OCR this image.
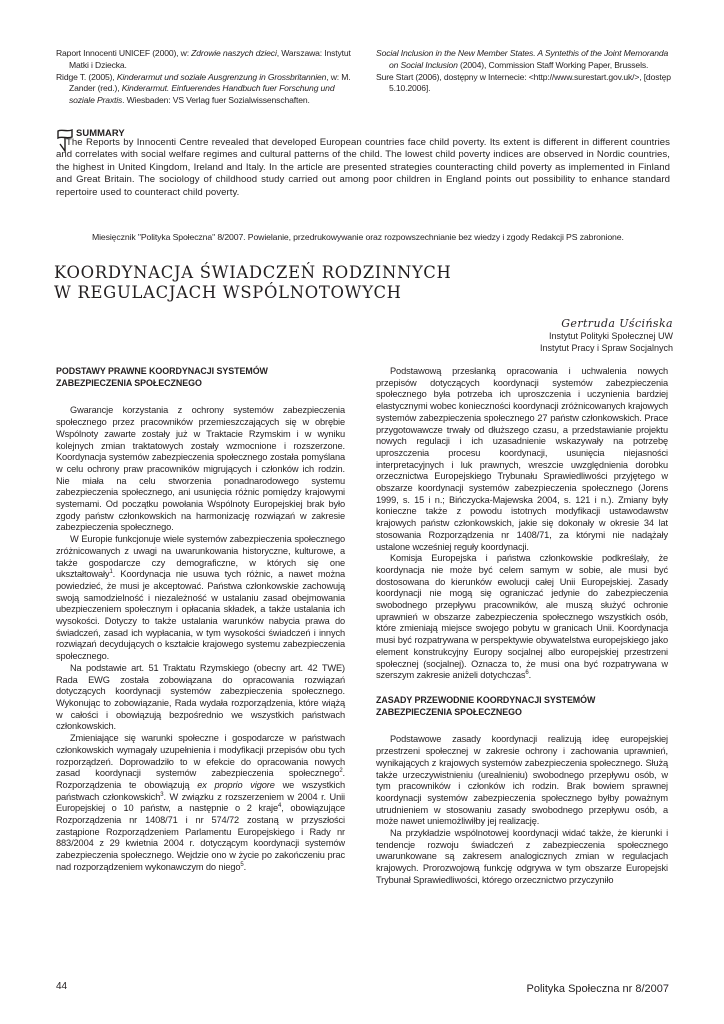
Raport Innocenti UNICEF (2000), w: Zdrowie naszych dzieci, Warszawa: Instytut Matki i Dziecka.

Ridge T. (2005), Kinderarmut und soziale Ausgrenzung in Grossbritannien, w: M. Zander (red.), Kinderarmut. Einfuerendes Handbuch fuer Forschung und soziale Praxtis. Wiesbaden: VS Verlag fuer Sozialwissenschaften.

Social Inclusion in the New Member States. A Syntethis of the Joint Memoranda on Social Inclusion (2004), Commission Staff Working Paper, Brussels.

Sure Start (2006), dostępny w Internecie: <http://www.surestart.gov.uk/>, [dostęp 5.10.2006].

SUMMARY

The Reports by Innocenti Centre revealed that developed European countries face child poverty. Its extent is different in different countries and correlates with social welfare regimes and cultural patterns of the child. The lowest child poverty indices are observed in Nordic countries, the highest in United Kingdom, Ireland and Italy. In the article are presented strategies counteracting child poverty as implemented in Finland and Great Britain. The sociology of childhood study carried out among poor children in England points out possibility to enhance standard repertoire used to counteract child poverty.

Miesięcznik "Polityka Społeczna" 8/2007. Powielanie, przedrukowywanie oraz rozpowszechnianie bez wiedzy i zgody Redakcji PS zabronione.
KOORDYNACJA ŚWIADCZEŃ RODZINNYCH
W REGULACJACH WSPÓLNOTOWYCH
Gertruda Uścińska
Instytut Polityki Społecznej UW
Instytut Pracy i Spraw Socjalnych
PODSTAWY PRAWNE KOORDYNACJI SYSTEMÓW ZABEZPIECZENIA SPOŁECZNEGO

Gwarancje korzystania z ochrony systemów zabezpieczenia społecznego przez pracowników przemieszczających się w obrębie Wspólnoty zawarte zostały już w Traktacie Rzymskim i w wyniku kolejnych zmian traktatowych zostały wzmocnione i rozszerzone. Koordynacja systemów zabezpieczenia społecznego została pomyślana w celu ochrony praw pracowników migrujących i członków ich rodzin. Nie miała na celu stworzenia ponadnarodowego systemu zabezpieczenia społecznego, ani usunięcia różnic pomiędzy krajowymi systemami. Od początku powołania Wspólnoty Europejskiej brak było zgody państw członkowskich na harmonizację rozwiązań w zakresie zabezpieczenia społecznego.

W Europie funkcjonuje wiele systemów zabezpieczenia społecznego zróżnicowanych z uwagi na uwarunkowania historyczne, kulturowe, a także gospodarcze czy demograficzne, w których się one ukształtowały$^1$. Koordynacja nie usuwa tych różnic, a nawet można powiedzieć, że musi je akceptować. Państwa członkowskie zachowują swoją samodzielność i niezależność w ustalaniu zasad obejmowania ubezpieczeniem społecznym i opłacania składek, a także ustalania ich wysokości. Dotyczy to także ustalania warunków nabycia prawa do świadczeń, zasad ich wypłacania, w tym wysokości świadczeń i innych rozwiązań decydujących o kształcie krajowego systemu zabezpieczenia społecznego.

Na podstawie art. 51 Traktatu Rzymskiego (obecny art. 42 TWE) Rada EWG została zobowiązana do opracowania rozwiązań dotyczących koordynacji systemów zabezpieczenia społecznego. Wykonując to zobowiązanie, Rada wydała rozporządzenia, które wiążą w całości i obowiązują bezpośrednio we wszystkich państwach członkowskich.

Zmieniające się warunki społeczne i gospodarcze w państwach członkowskich wymagały uzupełnienia i modyfikacji przepisów obu tych rozporządzeń. Doprowadziło to w efekcie do opracowania nowych zasad koordynacji systemów zabezpieczenia społecznego$^2$. Rozporządzenia te obowiązują ex proprio vigore we wszystkich państwach członkowskich$^3$. W związku z rozszerzeniem w 2004 r. Unii Europejskiej o 10 państw, a następnie o 2 kraje$^4$, obowiązujące Rozporządzenia nr 1408/71 i nr 574/72 zostaną w przyszłości zastąpione Rozporządzeniem Parlamentu Europejskiego i Rady nr 883/2004 z 29 kwietnia 2004 r. dotyczącym koordynacji systemów zabezpieczenia społecznego. Wejdzie ono w życie po zakończeniu prac nad rozporządzeniem wykonawczym do niego$^5$.

Podstawową przesłanką opracowania i uchwalenia nowych przepisów dotyczących koordynacji systemów zabezpieczenia społecznego była potrzeba ich uproszczenia i uczynienia bardziej elastycznymi wobec konieczności koordynacji zróżnicowanych krajowych systemów zabezpieczenia społecznego 27 państw członkowskich. Prace przygotowawcze trwały od dłuższego czasu, a przedstawianie projektu nowych regulacji i ich uzasadnienie wskazywały na potrzebę uproszczenia procesu koordynacji, usunięcia niejasności interpretacyjnych i luk prawnych, wreszcie uwzględnienia dorobku orzecznictwa Europejskiego Trybunału Sprawiedliwości przyjętego w obszarze koordynacji systemów zabezpieczenia społecznego (Jorens 1999, s. 15 i n.; Bińczycka-Majewska 2004, s. 121 i n.). Zmiany były konieczne także z powodu istotnych modyfikacji ustawodawstw krajowych państw członkowskich, jakie się dokonały w okresie 34 lat stosowania Rozporządzenia nr 1408/71, za którymi nie nadążały ustalone wcześniej reguły koordynacji.

Komisja Europejska i państwa członkowskie podkreślały, że koordynacja nie może być celem samym w sobie, ale musi być dostosowana do kierunków ewolucji całej Unii Europejskiej. Zasady koordynacji nie mogą się ograniczać jedynie do zabezpieczenia swobodnego przepływu pracowników, ale muszą służyć ochronie uprawnień w obszarze zabezpieczenia społecznego wszystkich osób, które zmieniają miejsce swojego pobytu w granicach Unii. Koordynacja musi być rozpatrywana w perspektywie obywatelstwa europejskiego jako element konstrukcyjny Europy socjalnej albo europejskiej przestrzeni społecznej (socjalnej). Oznacza to, że musi ona być rozpatrywana w szerszym zakresie aniżeli dotychczas$^6$.

ZASADY PRZEWODNIE KOORDYNACJI SYSTEMÓW ZABEZPIECZENIA SPOŁECZNEGO

Podstawowe zasady koordynacji realizują ideę europejskiej przestrzeni społecznej w zakresie ochrony i zachowania uprawnień, wynikających z krajowych systemów zabezpieczenia społecznego. Służą także urzeczywistnieniu (urealnieniu) swobodnego przepływu osób, w tym pracowników i członków ich rodzin. Brak bowiem sprawnej koordynacji systemów zabezpieczenia społecznego byłby poważnym utrudnieniem w stosowaniu zasady swobodnego przepływu osób, a może nawet uniemożliwiłby jej realizację.

Na przykładzie wspólnotowej koordynacji widać także, że kierunki i tendencje rozwoju świadczeń z zabezpieczenia społecznego uwarunkowane są zakresem analogicznych zmian w regulacjach krajowych. Prorozwojową funkcję odgrywa w tym obszarze Europejski Trybunał Sprawiedliwości, którego orzecznictwo przyczyniło

44	Polityka Społeczna nr 8/2007
